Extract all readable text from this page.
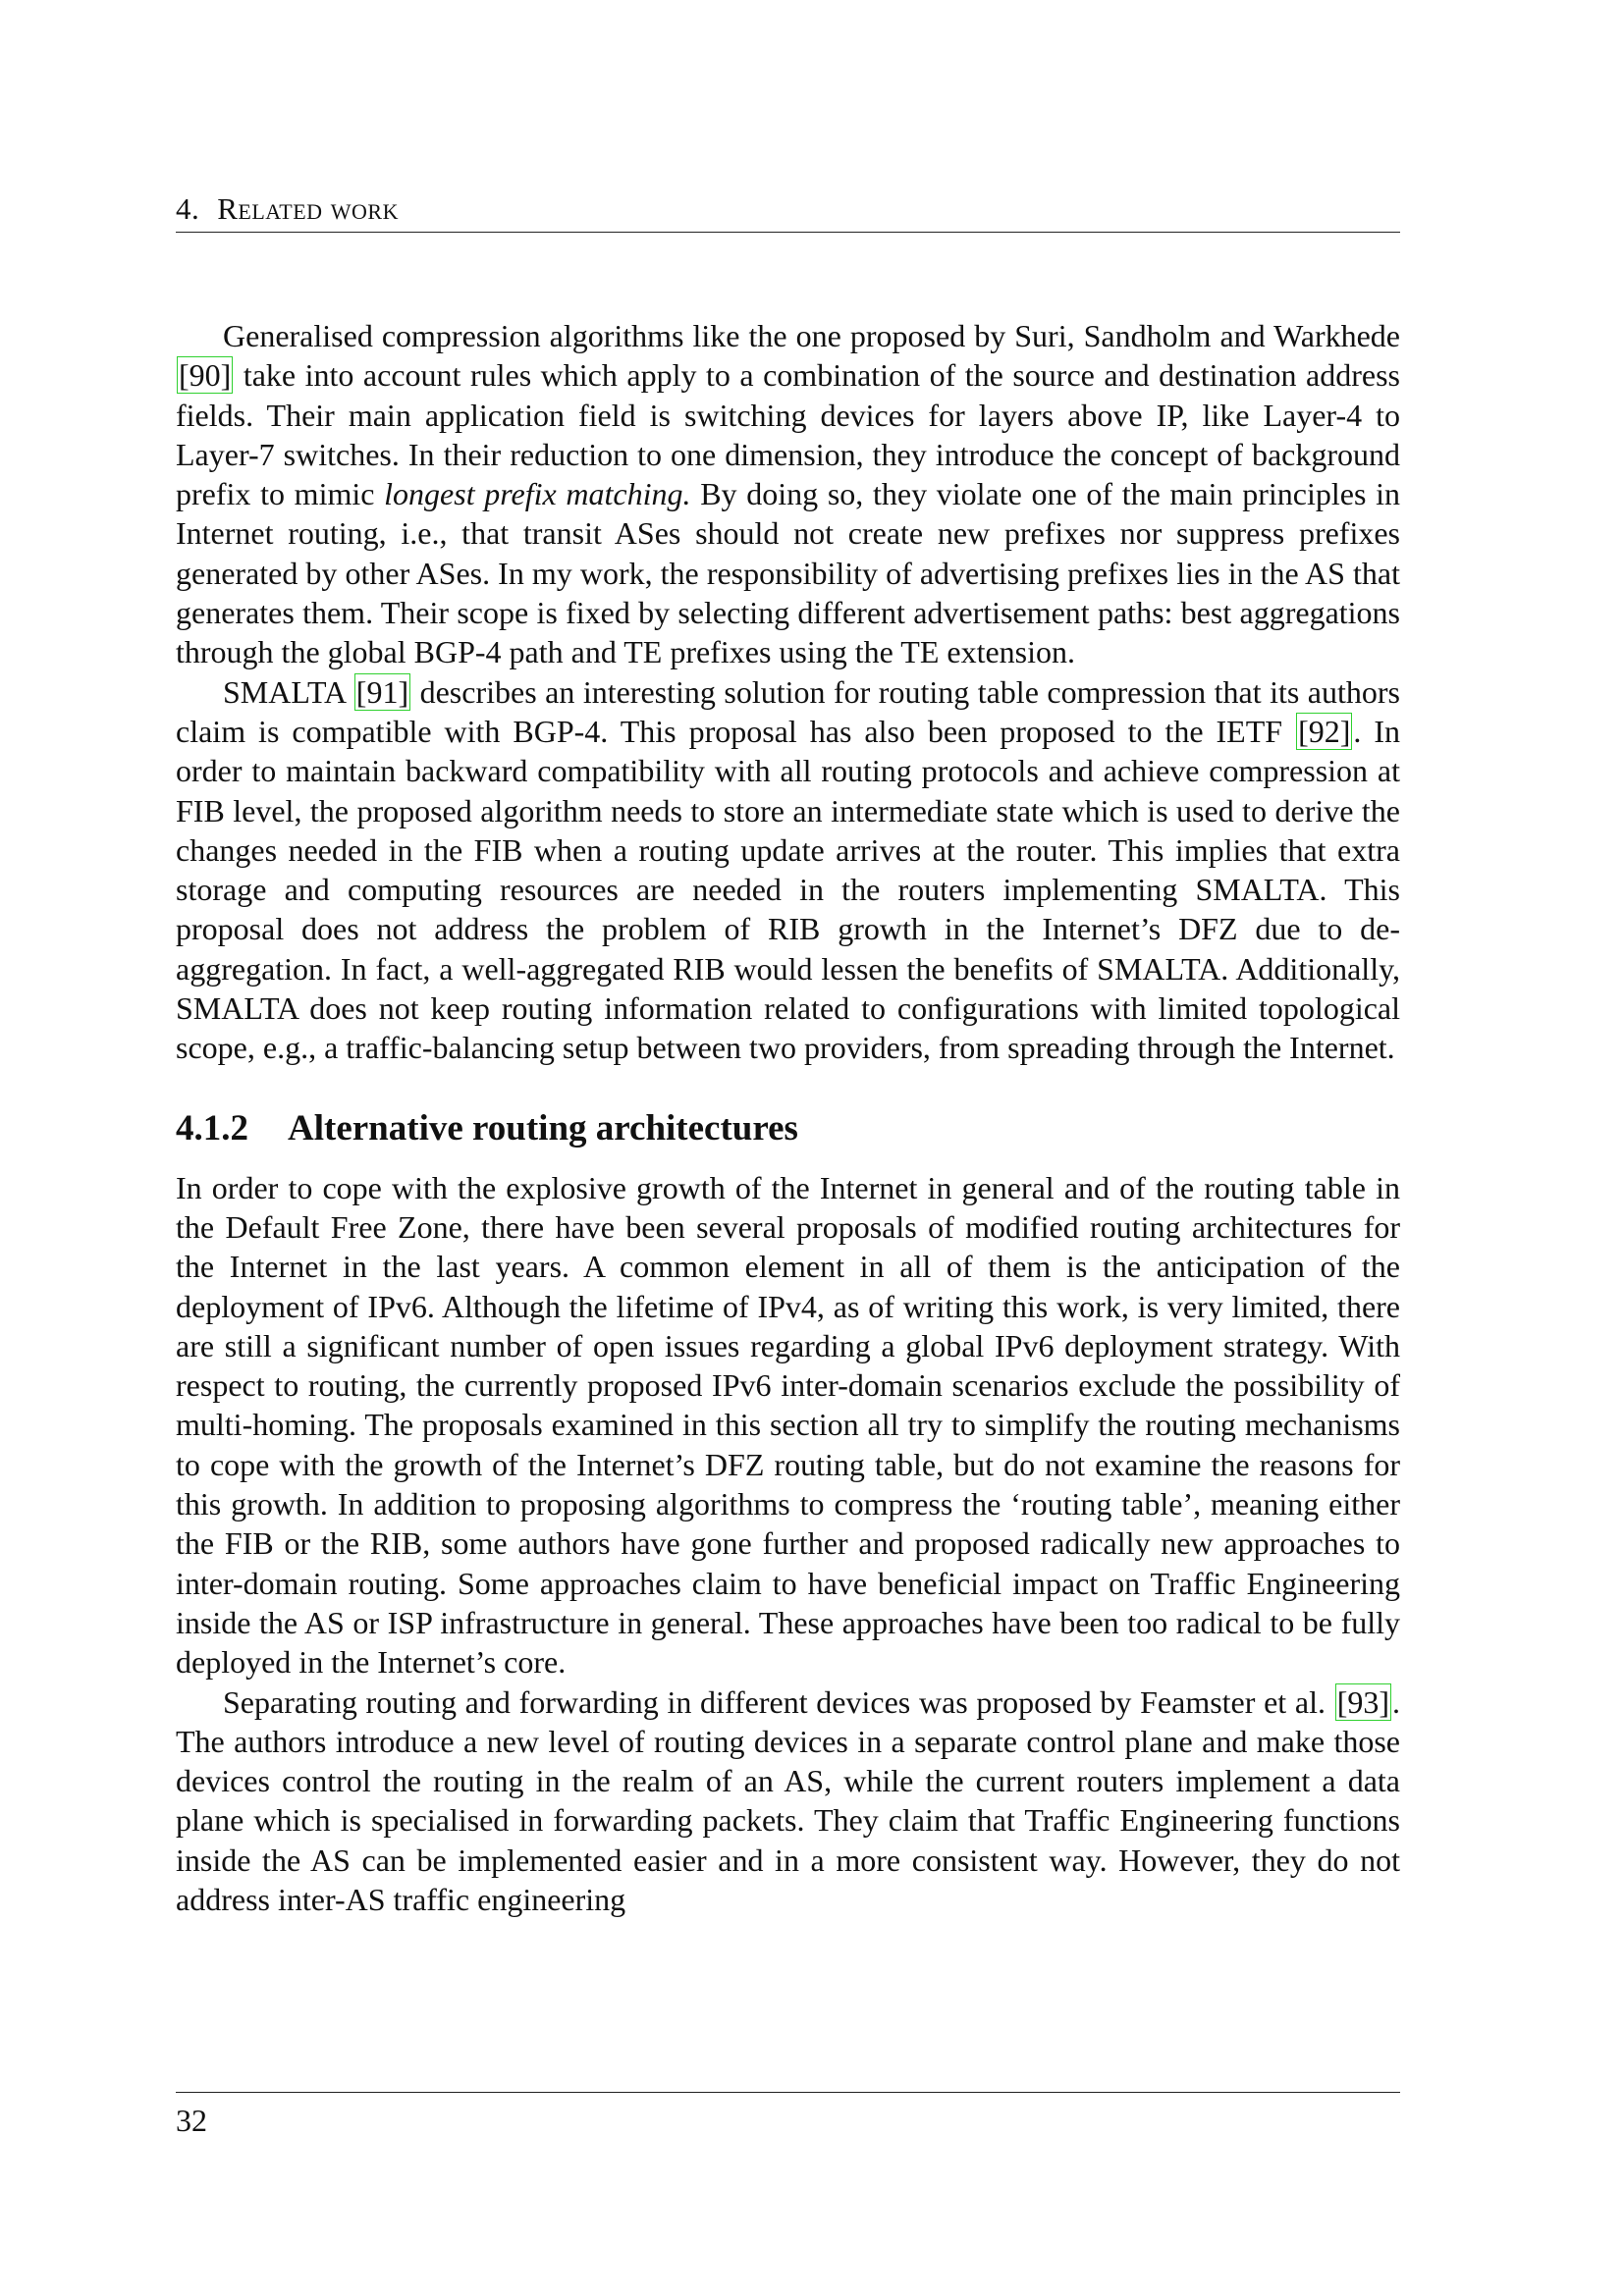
4. Related work

Generalised compression algorithms like the one proposed by Suri, Sandholm and Warkhede [90] take into account rules which apply to a combination of the source and destination address fields. Their main application field is switching devices for layers above IP, like Layer-4 to Layer-7 switches. In their reduction to one dimension, they introduce the concept of background prefix to mimic longest prefix matching. By doing so, they violate one of the main principles in Internet routing, i.e., that transit ASes should not create new prefixes nor suppress prefixes generated by other ASes. In my work, the responsibility of advertising prefixes lies in the AS that generates them. Their scope is fixed by selecting different advertisement paths: best aggregations through the global BGP-4 path and TE prefixes using the TE extension.

SMALTA [91] describes an interesting solution for routing table compression that its authors claim is compatible with BGP-4. This proposal has also been proposed to the IETF [92]. In order to maintain backward compatibility with all routing protocols and achieve compression at FIB level, the proposed algorithm needs to store an intermediate state which is used to derive the changes needed in the FIB when a routing update arrives at the router. This implies that extra storage and computing resources are needed in the routers implementing SMALTA. This proposal does not address the problem of RIB growth in the Internet’s DFZ due to de-aggregation. In fact, a well-aggregated RIB would lessen the benefits of SMALTA. Additionally, SMALTA does not keep routing information related to configurations with limited topological scope, e.g., a traffic-balancing setup between two providers, from spreading through the Internet.

4.1.2 Alternative routing architectures

In order to cope with the explosive growth of the Internet in general and of the routing table in the Default Free Zone, there have been several proposals of modified routing architectures for the Internet in the last years. A common element in all of them is the anticipation of the deployment of IPv6. Although the lifetime of IPv4, as of writing this work, is very limited, there are still a significant number of open issues regarding a global IPv6 deployment strategy. With respect to routing, the currently proposed IPv6 inter-domain scenarios exclude the possibility of multi-homing. The proposals examined in this section all try to simplify the routing mechanisms to cope with the growth of the Internet’s DFZ routing table, but do not examine the reasons for this growth. In addition to proposing algorithms to compress the ‘routing table’, meaning either the FIB or the RIB, some authors have gone further and proposed radically new approaches to inter-domain routing. Some approaches claim to have beneficial impact on Traffic Engineering inside the AS or ISP infrastructure in general. These approaches have been too radical to be fully deployed in the Internet’s core.

Separating routing and forwarding in different devices was proposed by Feamster et al. [93]. The authors introduce a new level of routing devices in a separate control plane and make those devices control the routing in the realm of an AS, while the current routers implement a data plane which is specialised in forwarding packets. They claim that Traffic Engineering functions inside the AS can be implemented easier and in a more consistent way. However, they do not address inter-AS traffic engineering

32
